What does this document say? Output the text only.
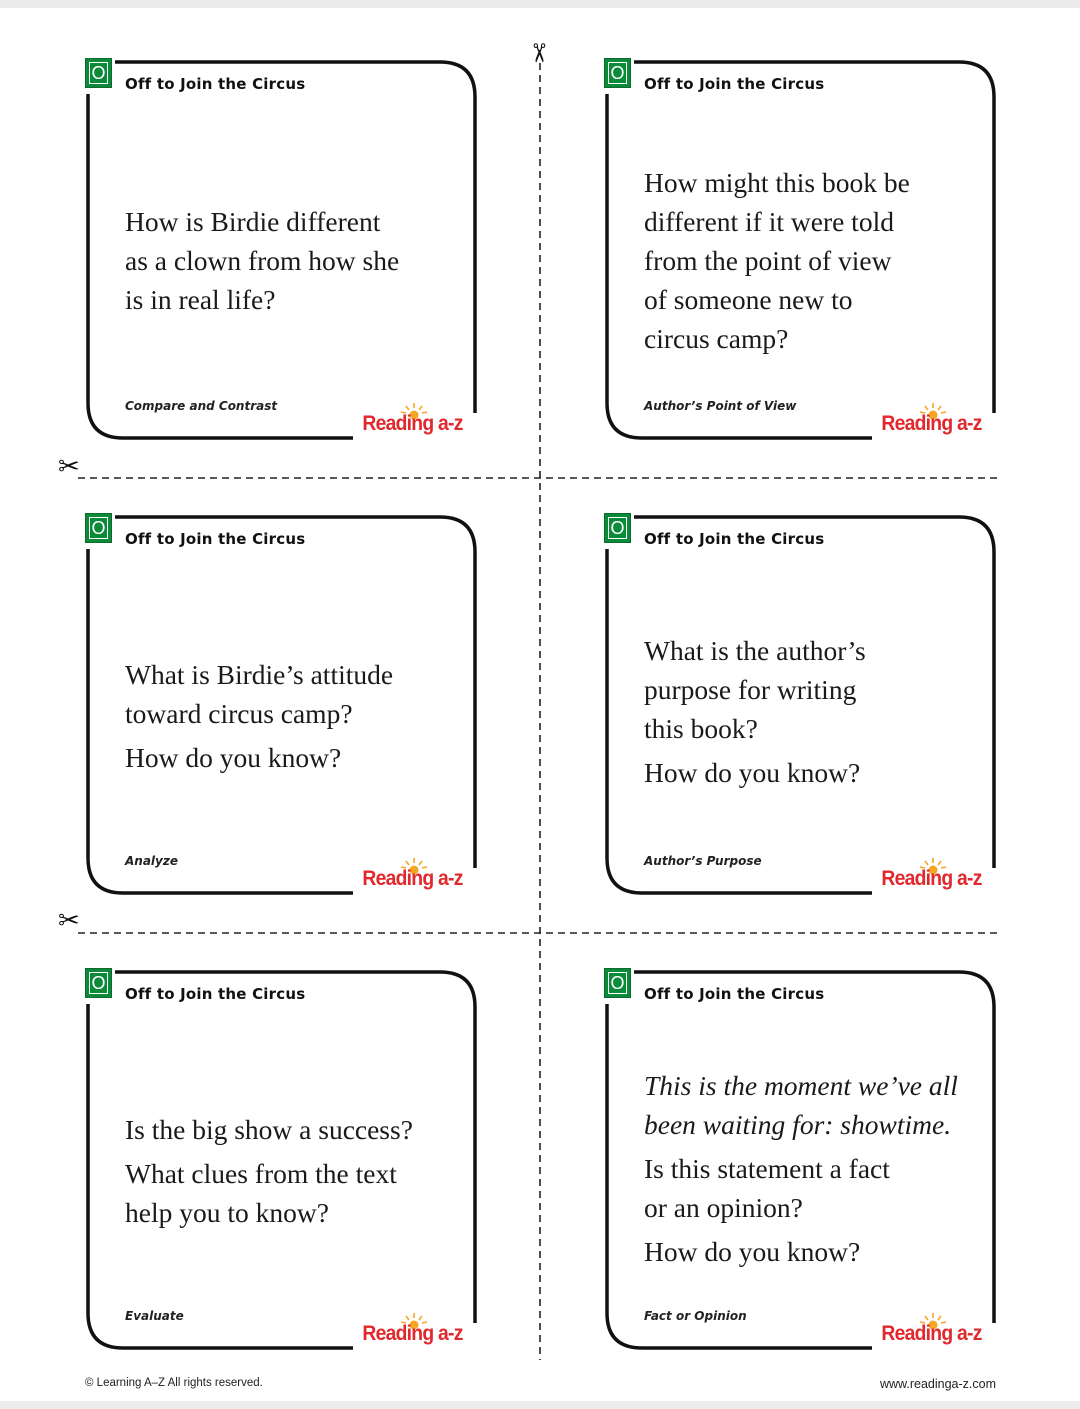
✂
✂
✂
O
Off to Join the Circus
How is Birdie different
as a clown from how she
is in real life?
Compare and Contrast
Reading a-z
O
Off to Join the Circus
How might this book be
different if it were told
from the point of view
of someone new to
circus camp?
Author’s Point of View
Reading a-z
O
Off to Join the Circus
What is Birdie’s attitude
toward circus camp?
How do you know?
Analyze
Reading a-z
O
Off to Join the Circus
What is the author’s
purpose for writing
this book?
How do you know?
Author’s Purpose
Reading a-z
O
Off to Join the Circus
Is the big show a success?
What clues from the text
help you to know?
Evaluate
Reading a-z
O
Off to Join the Circus
This is the moment we’ve all
been waiting for: showtime.
Is this statement a fact
or an opinion?
How do you know?
Fact or Opinion
Reading a-z
© Learning A–Z All rights reserved.	www.readinga-z.com
